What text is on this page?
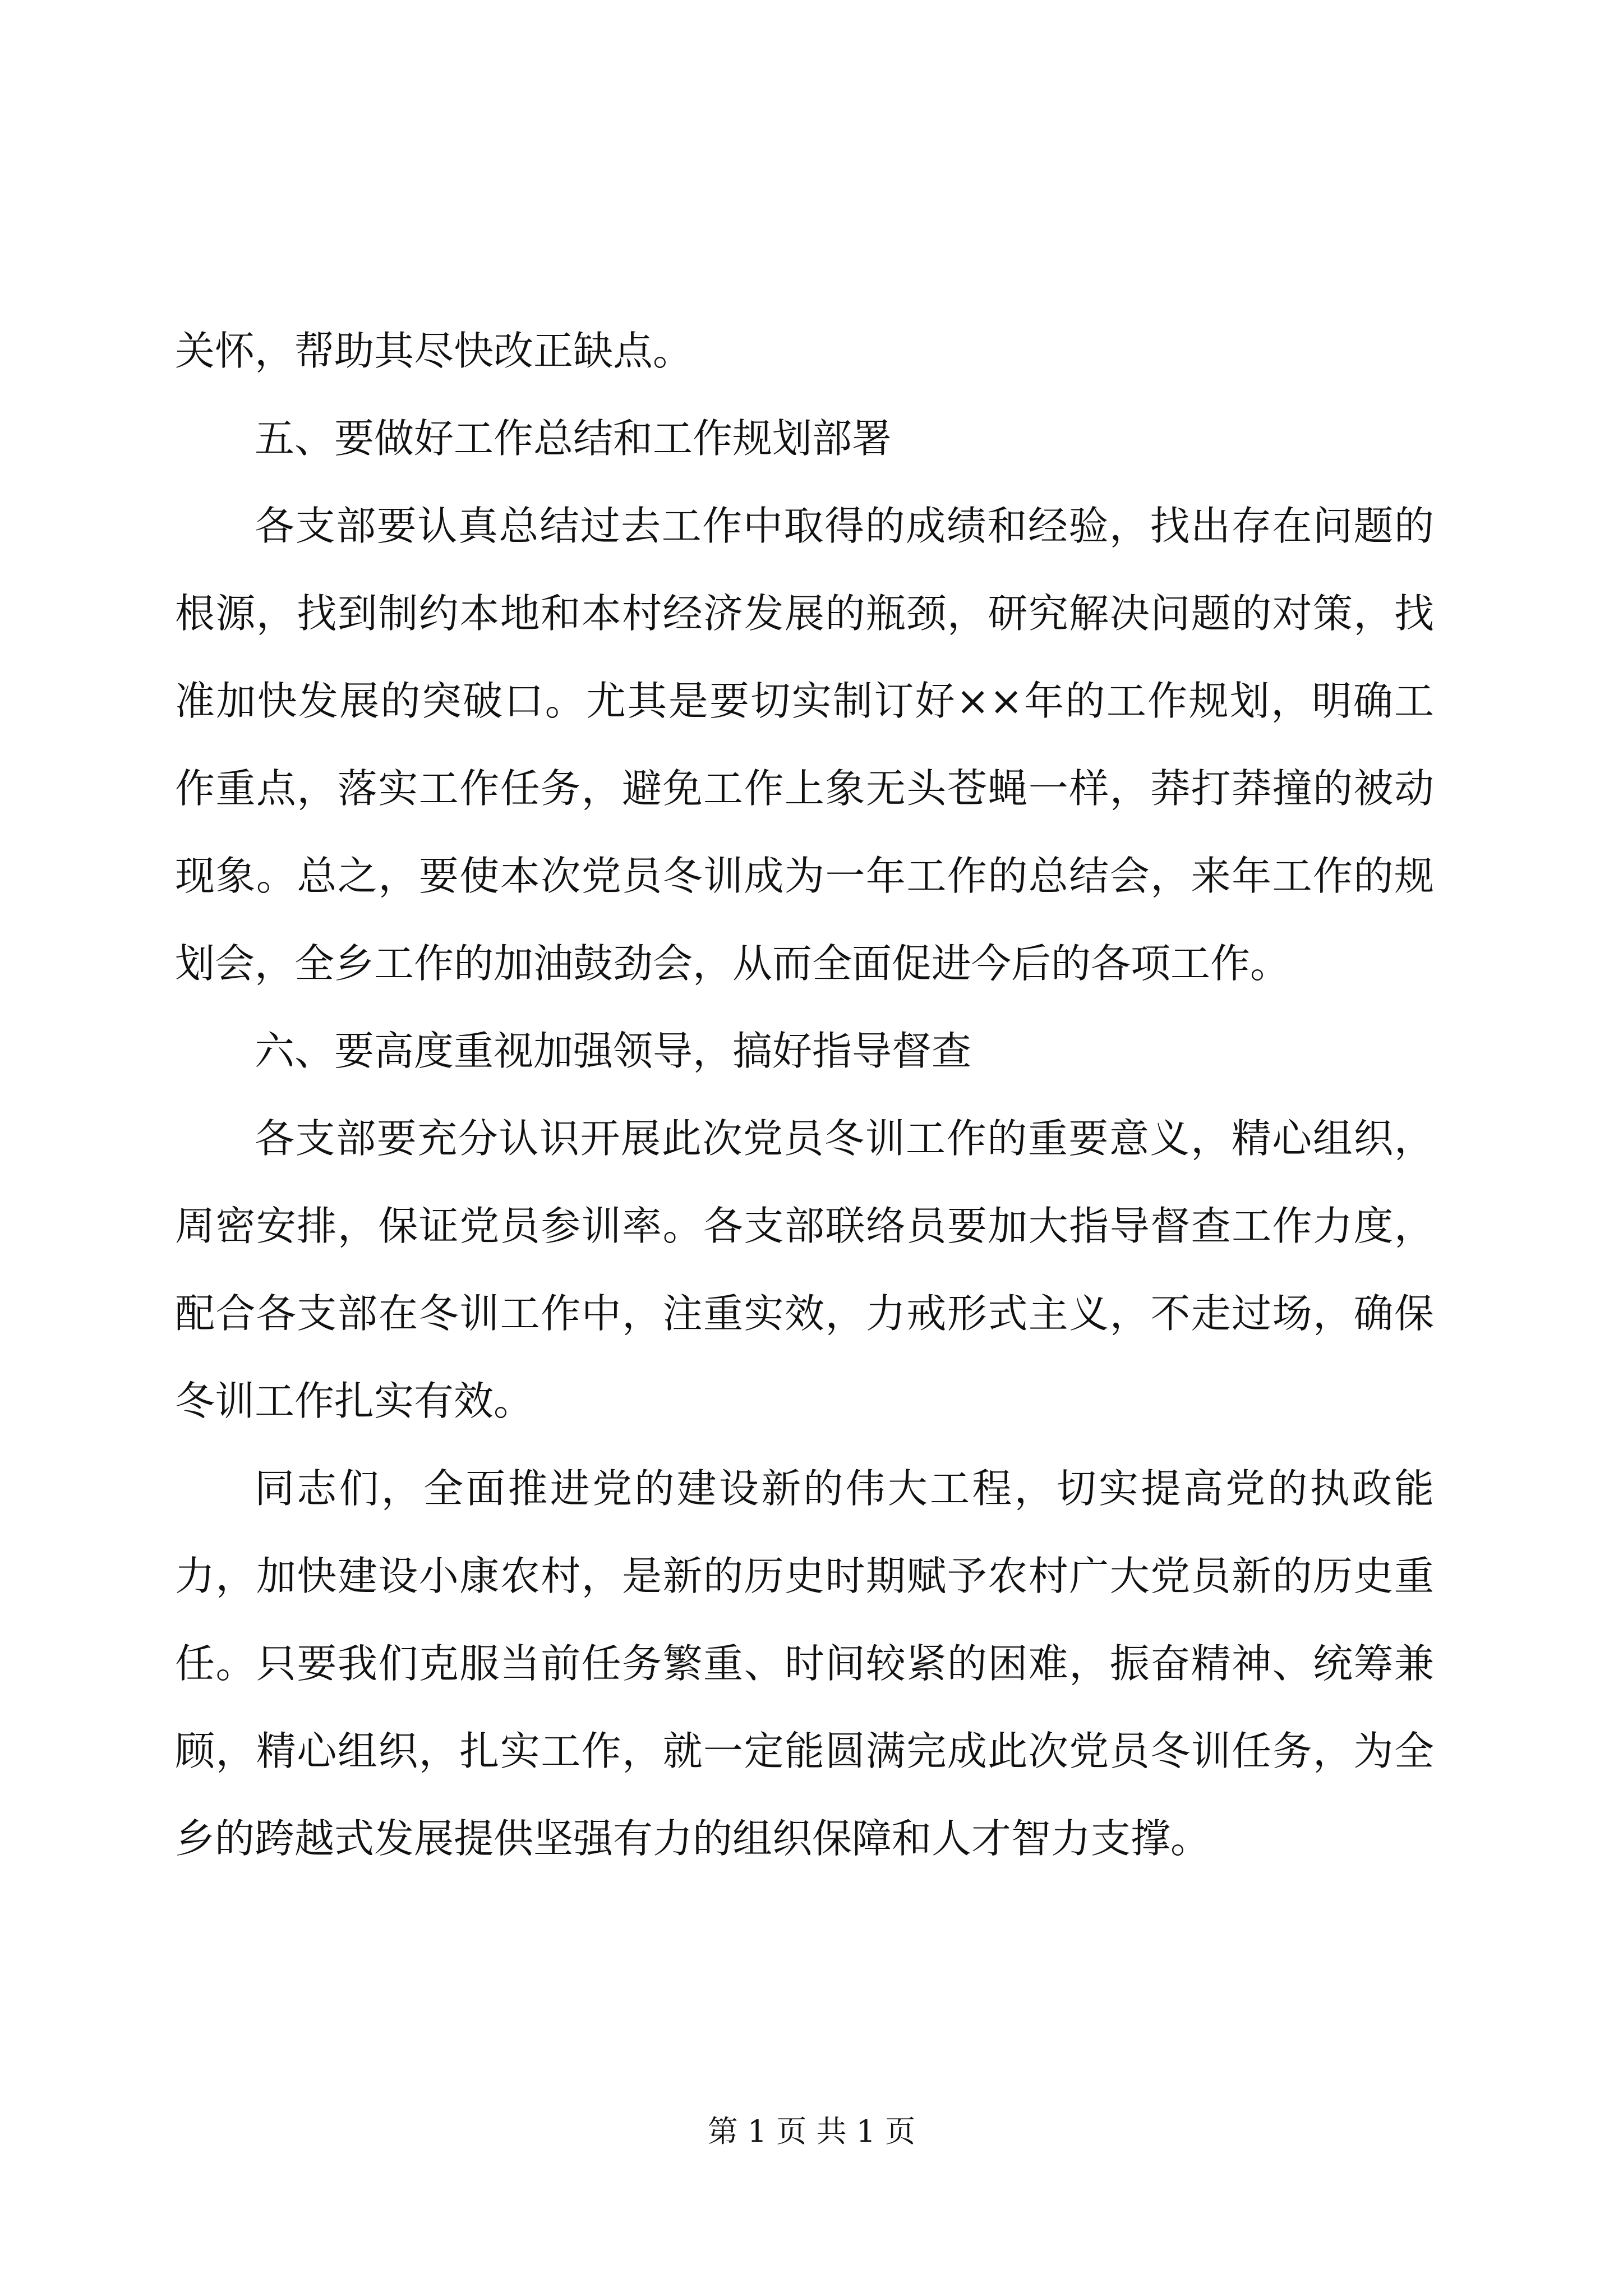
关怀，帮助其尽快改正缺点。

五、要做好工作总结和工作规划部署

各支部要认真总结过去工作中取得的成绩和经验，找出存在问题的根源，找到制约本地和本村经济发展的瓶颈，研究解决问题的对策，找准加快发展的突破口。尤其是要切实制订好××年的工作规划，明确工作重点，落实工作任务，避免工作上象无头苍蝇一样，莽打莽撞的被动现象。总之，要使本次党员冬训成为一年工作的总结会，来年工作的规划会，全乡工作的加油鼓劲会，从而全面促进今后的各项工作。

六、要高度重视加强领导，搞好指导督查

各支部要充分认识开展此次党员冬训工作的重要意义，精心组织，周密安排，保证党员参训率。各支部联络员要加大指导督查工作力度，配合各支部在冬训工作中，注重实效，力戒形式主义，不走过场，确保冬训工作扎实有效。

同志们，全面推进党的建设新的伟大工程，切实提高党的执政能力，加快建设小康农村，是新的历史时期赋予农村广大党员新的历史重任。只要我们克服当前任务繁重、时间较紧的困难，振奋精神、统筹兼顾，精心组织，扎实工作，就一定能圆满完成此次党员冬训任务，为全乡的跨越式发展提供坚强有力的组织保障和人才智力支撑。

第 1 页 共 1 页
